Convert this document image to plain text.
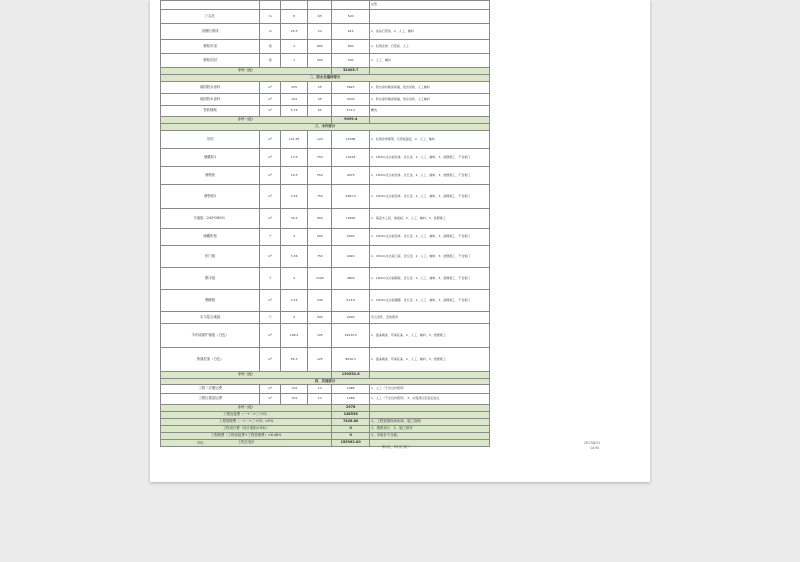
					完善
门头孔	m	8	65	520	
顶棚石膏线	m	25.5	24	612	1、成品石膏线、2、人工、辅料
橱柜吊顶	项	1	800	800	1、轻钢龙骨、石膏板、人工
橱柜顶封	项	1	500	500	1、人工、辅料
小计（元）				32405.7	
二、防水及墙砖部分					
墙面防水涂料	m²	225	25	5625	1、防水涂料刷涂两遍，闭水试验、人工辅料
地面防水涂料	m²	124	25	3100	1、防水涂料刷涂两遍，闭水试验、人工辅料
瓷砖铺贴	m²	5.76	65	374.4	精选
小计（元）				9099.4	
三、木作部分					
吊顶	m²	121.55	120	14586	1、轻钢龙骨框架、石膏板面层、2、人工、辅料
储藏柜1	m²	13.5	750	10125	1、18mm生态板柜体、含五金、2、人工、辅料、3、按图施工、不含柜门
储物柜	m²	16.5	550	9075	1、18mm生态板柜体、含五金、2、人工、辅料、3、按图施工、不含柜门
储物柜2	m²	3.45	750	2587.5	1、18mm生态板柜体、含五金、2、人工、辅料、3、按图施工、不含柜门
木墙板（240*2800）	m²	30.2	650	19630	1、基层木工板、饰面板、2、人工、辅料、3、按图施工
储藏柜柜	个	4	500	2000	1、18mm生态板柜体、含五金、2、人工、辅料、3、按图施工、不含柜门
柜门板	m²	5.36	750	4020	1、18mm生态板门板、含五金、2、人工、辅料、3、按图施工、不含柜门
隔木板	个	4	1200	4800	1、18mm生态板隔板、含五金、2、人工、辅料、3、按图施工、不含柜门
踢脚板	m²	2.14	240	513.6	1、18mm生态板踢脚、含五金、2、人工、辅料、3、按图施工、不含柜门
实木复合地板	个	4	500	2000	含五金件、安装费用
木作墙面护墙板（白色）	m²	196.5	105	19432.5	1、面漆刷涂、环保底漆、2、人工、辅料、3、按图施工
饰面混油（白色）	m²	65.3	125	8816.5	1、面漆刷涂、环保底漆、2、人工、辅料、3、按图施工
小计（元）				130054.6	
四、其他部分					
工程二次搬运费	m²	124	12	1488	1、人工（不含运材费用）
工程垃圾清运费	m²	124	12	1488	1、人工（不含运材费用）、2、垃圾清运至指定地点
小计（元）				2976	
工程直接费（一+二+三+四）				148536	
工程管理费（一+二+三+四）×5%				7426.80	1、工程管理现场协调、施工管理
工程设计费（设计面积×单价）				0	1、图纸设计、2、施工指导
工程税费（工程直接费+工程管理费）×6.48%				0	1、本报价不含税。
工程总造价				155962.80	
审核：
第1页，共1页 客户：
2017/8/21
14:50
